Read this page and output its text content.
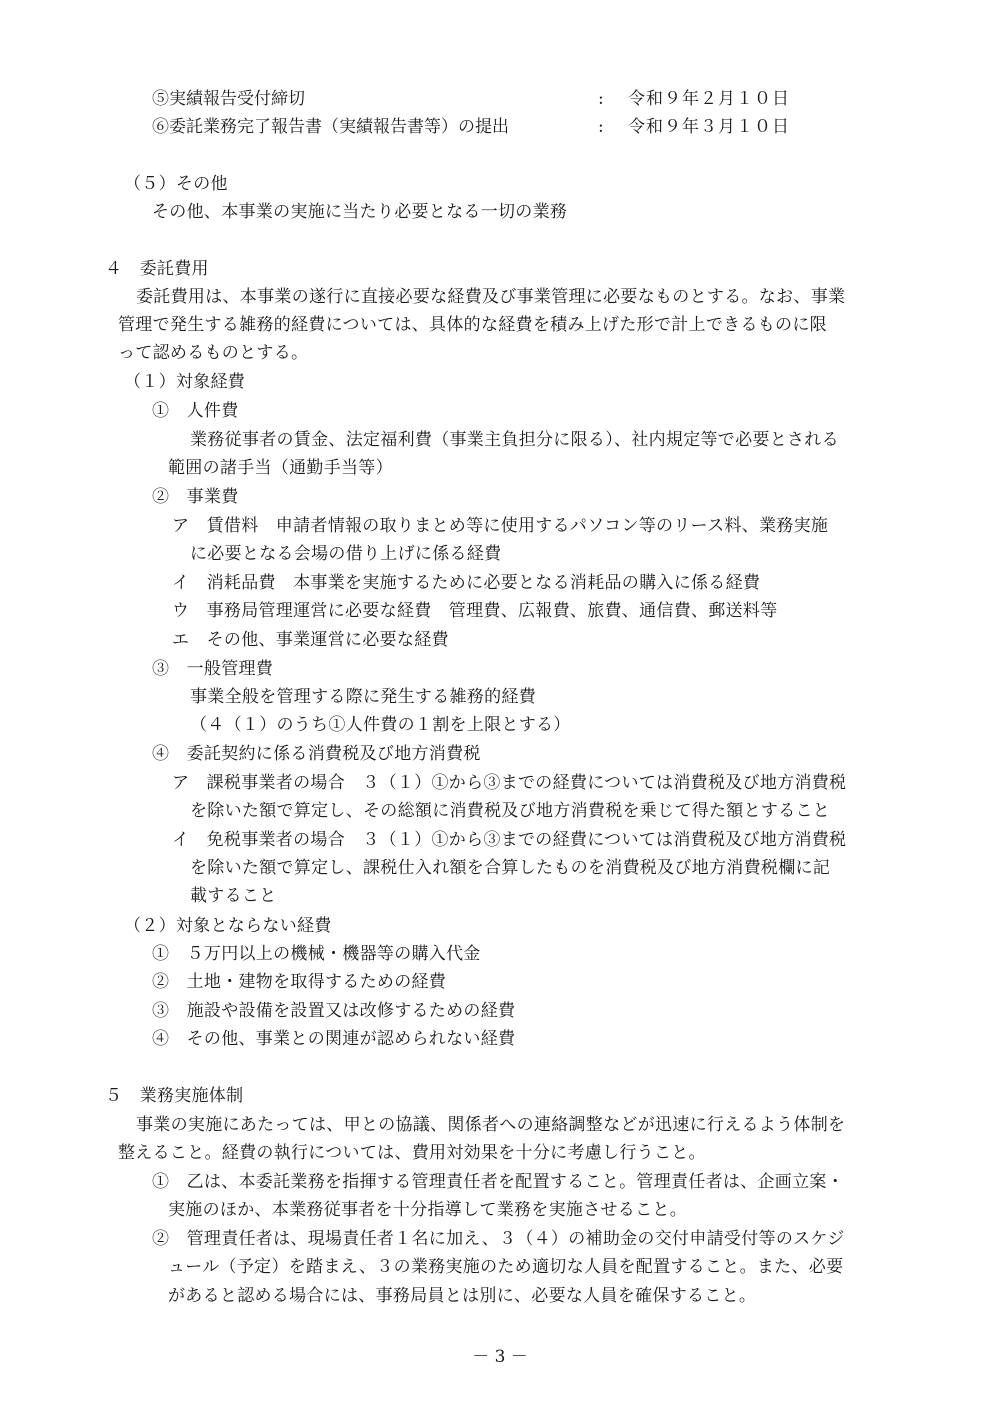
⑤実績報告受付締切	: 令和９年２月１０日
⑥委託業務完了報告書（実績報告書等）の提出	: 令和９年３月１０日
（５）その他
その他、本事業の実施に当たり必要となる一切の業務
４　委託費用
委託費用は、本事業の遂行に直接必要な経費及び事業管理に必要なものとする。なお、事業
管理で発生する雑務的経費については、具体的な経費を積み上げた形で計上できるものに限
って認めるものとする。
（１）対象経費
①　人件費
業務従事者の賃金、法定福利費（事業主負担分に限る）、社内規定等で必要とされる
範囲の諸手当（通勤手当等）
②　事業費
ア　賃借料　申請者情報の取りまとめ等に使用するパソコン等のリース料、業務実施
に必要となる会場の借り上げに係る経費
イ　消耗品費　本事業を実施するために必要となる消耗品の購入に係る経費
ウ　事務局管理運営に必要な経費　管理費、広報費、旅費、通信費、郵送料等
エ　その他、事業運営に必要な経費
③　一般管理費
事業全般を管理する際に発生する雑務的経費
（４（１）のうち①人件費の１割を上限とする）
④　委託契約に係る消費税及び地方消費税
ア　課税事業者の場合　３（１）①から③までの経費については消費税及び地方消費税
を除いた額で算定し、その総額に消費税及び地方消費税を乗じて得た額とすること
イ　免税事業者の場合　３（１）①から③までの経費については消費税及び地方消費税
を除いた額で算定し、課税仕入れ額を合算したものを消費税及び地方消費税欄に記
載すること
（２）対象とならない経費
①　５万円以上の機械・機器等の購入代金
②　土地・建物を取得するための経費
③　施設や設備を設置又は改修するための経費
④　その他、事業との関連が認められない経費
５　業務実施体制
事業の実施にあたっては、甲との協議、関係者への連絡調整などが迅速に行えるよう体制を
整えること。経費の執行については、費用対効果を十分に考慮し行うこと。
①　乙は、本委託業務を指揮する管理責任者を配置すること。管理責任者は、企画立案・
実施のほか、本業務従事者を十分指導して業務を実施させること。
②　管理責任者は、現場責任者１名に加え、３（４）の補助金の交付申請受付等のスケジ
ュール（予定）を踏まえ、３の業務実施のため適切な人員を配置すること。また、必要
があると認める場合には、事務局員とは別に、必要な人員を確保すること。
－ 3 －
